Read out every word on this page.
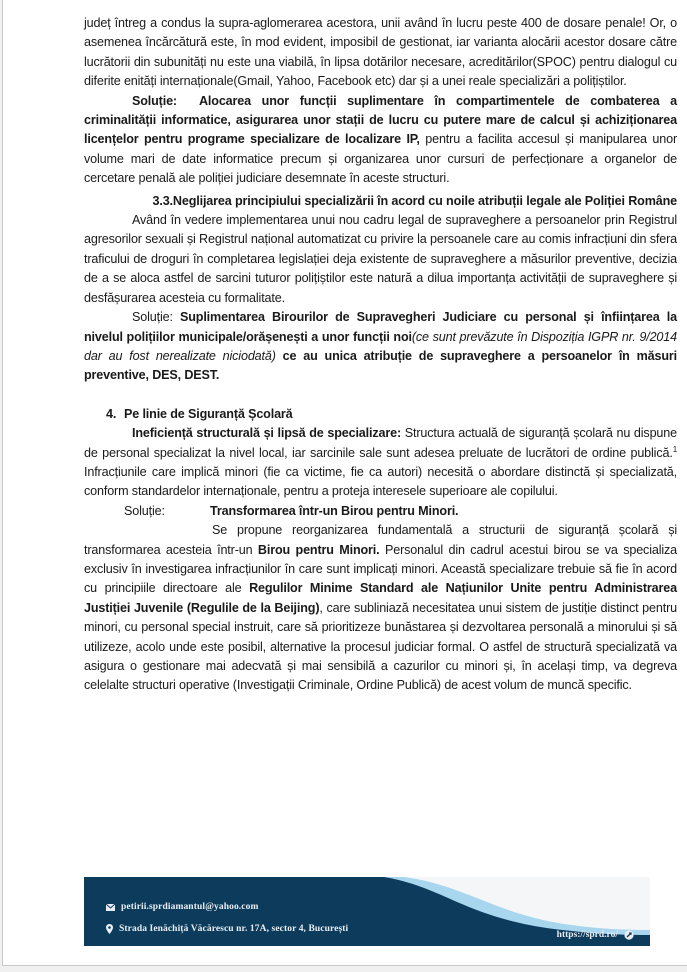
județ întreg a condus la supra-aglomerarea acestora, unii având în lucru peste 400 de dosare penale! Or, o asemenea încărcătură este, în mod evident, imposibil de gestionat, iar varianta alocării acestor dosare către lucrătorii din subunități nu este una viabilă, în lipsa dotărilor necesare, acreditărilor(SPOC) pentru dialogul cu diferite enități internaționale(Gmail, Yahoo, Facebook etc) dar și a unei reale specializări a polițiștilor.

Soluție: Alocarea unor funcții suplimentare în compartimentele de combaterea a criminalității informatice, asigurarea unor stații de lucru cu putere mare de calcul și achiziționarea licențelor pentru programe specializare de localizare IP, pentru a facilita accesul și manipularea unor volume mari de date informatice precum și organizarea unor cursuri de perfecționare a organelor de cercetare penală ale poliției judiciare desemnate în aceste structuri.

3.3.Neglijarea principiului specializării în acord cu noile atribuții legale ale Poliției Române

Având în vedere implementarea unui nou cadru legal de supraveghere a persoanelor prin Registrul agresorilor sexuali și Registrul național automatizat cu privire la persoanele care au comis infracțiuni din sfera traficului de droguri în completarea legislației deja existente de supraveghere a măsurilor preventive, decizia de a se aloca astfel de sarcini tuturor polițiștilor este natură a dilua importanța activității de supraveghere și desfășurarea acesteia cu formalitate.

Soluție: Suplimentarea Birourilor de Supravegheri Judiciare cu personal și înființarea la nivelul polițiilor municipale/orășenești a unor funcții noi(ce sunt prevăzute în Dispoziția IGPR nr. 9/2014 dar au fost nerealizate niciodată) ce au unica atribuție de supraveghere a persoanelor în măsuri preventive, DES, DEST.

4. Pe linie de Siguranță Școlară

Ineficiență structurală și lipsă de specializare: Structura actuală de siguranță școlară nu dispune de personal specializat la nivel local, iar sarcinile sale sunt adesea preluate de lucrători de ordine publică.$^1$ Infracțiunile care implică minori (fie ca victime, fie ca autori) necesită o abordare distinctă și specializată, conform standardelor internaționale, pentru a proteja interesele superioare ale copilului.

Soluție:	Transformarea într-un Birou pentru Minori.

Se propune reorganizarea fundamentală a structurii de siguranță școlară și transformarea acesteia într-un Birou pentru Minori. Personalul din cadrul acestui birou se va specializa exclusiv în investigarea infracțiunilor în care sunt implicați minori. Această specializare trebuie să fie în acord cu principiile directoare ale Regulilor Minime Standard ale Națiunilor Unite pentru Administrarea Justiției Juvenile (Regulile de la Beijing), care subliniază necesitatea unui sistem de justiție distinct pentru minori, cu personal special instruit, care să prioritizeze bunăstarea și dezvoltarea personală a minorului și să utilizeze, acolo unde este posibil, alternative la procesul judiciar formal. O astfel de structură specializată va asigura o gestionare mai adecvată și mai sensibilă a cazurilor cu minori și, în același timp, va degreva celelalte structuri operative (Investigații Criminale, Ordine Publică) de acest volum de muncă specific.

petirii.sprdiamantul@yahoo.com
Strada Ienăchiță Văcărescu nr. 17A, sector 4, București
https://sprd.ro/
